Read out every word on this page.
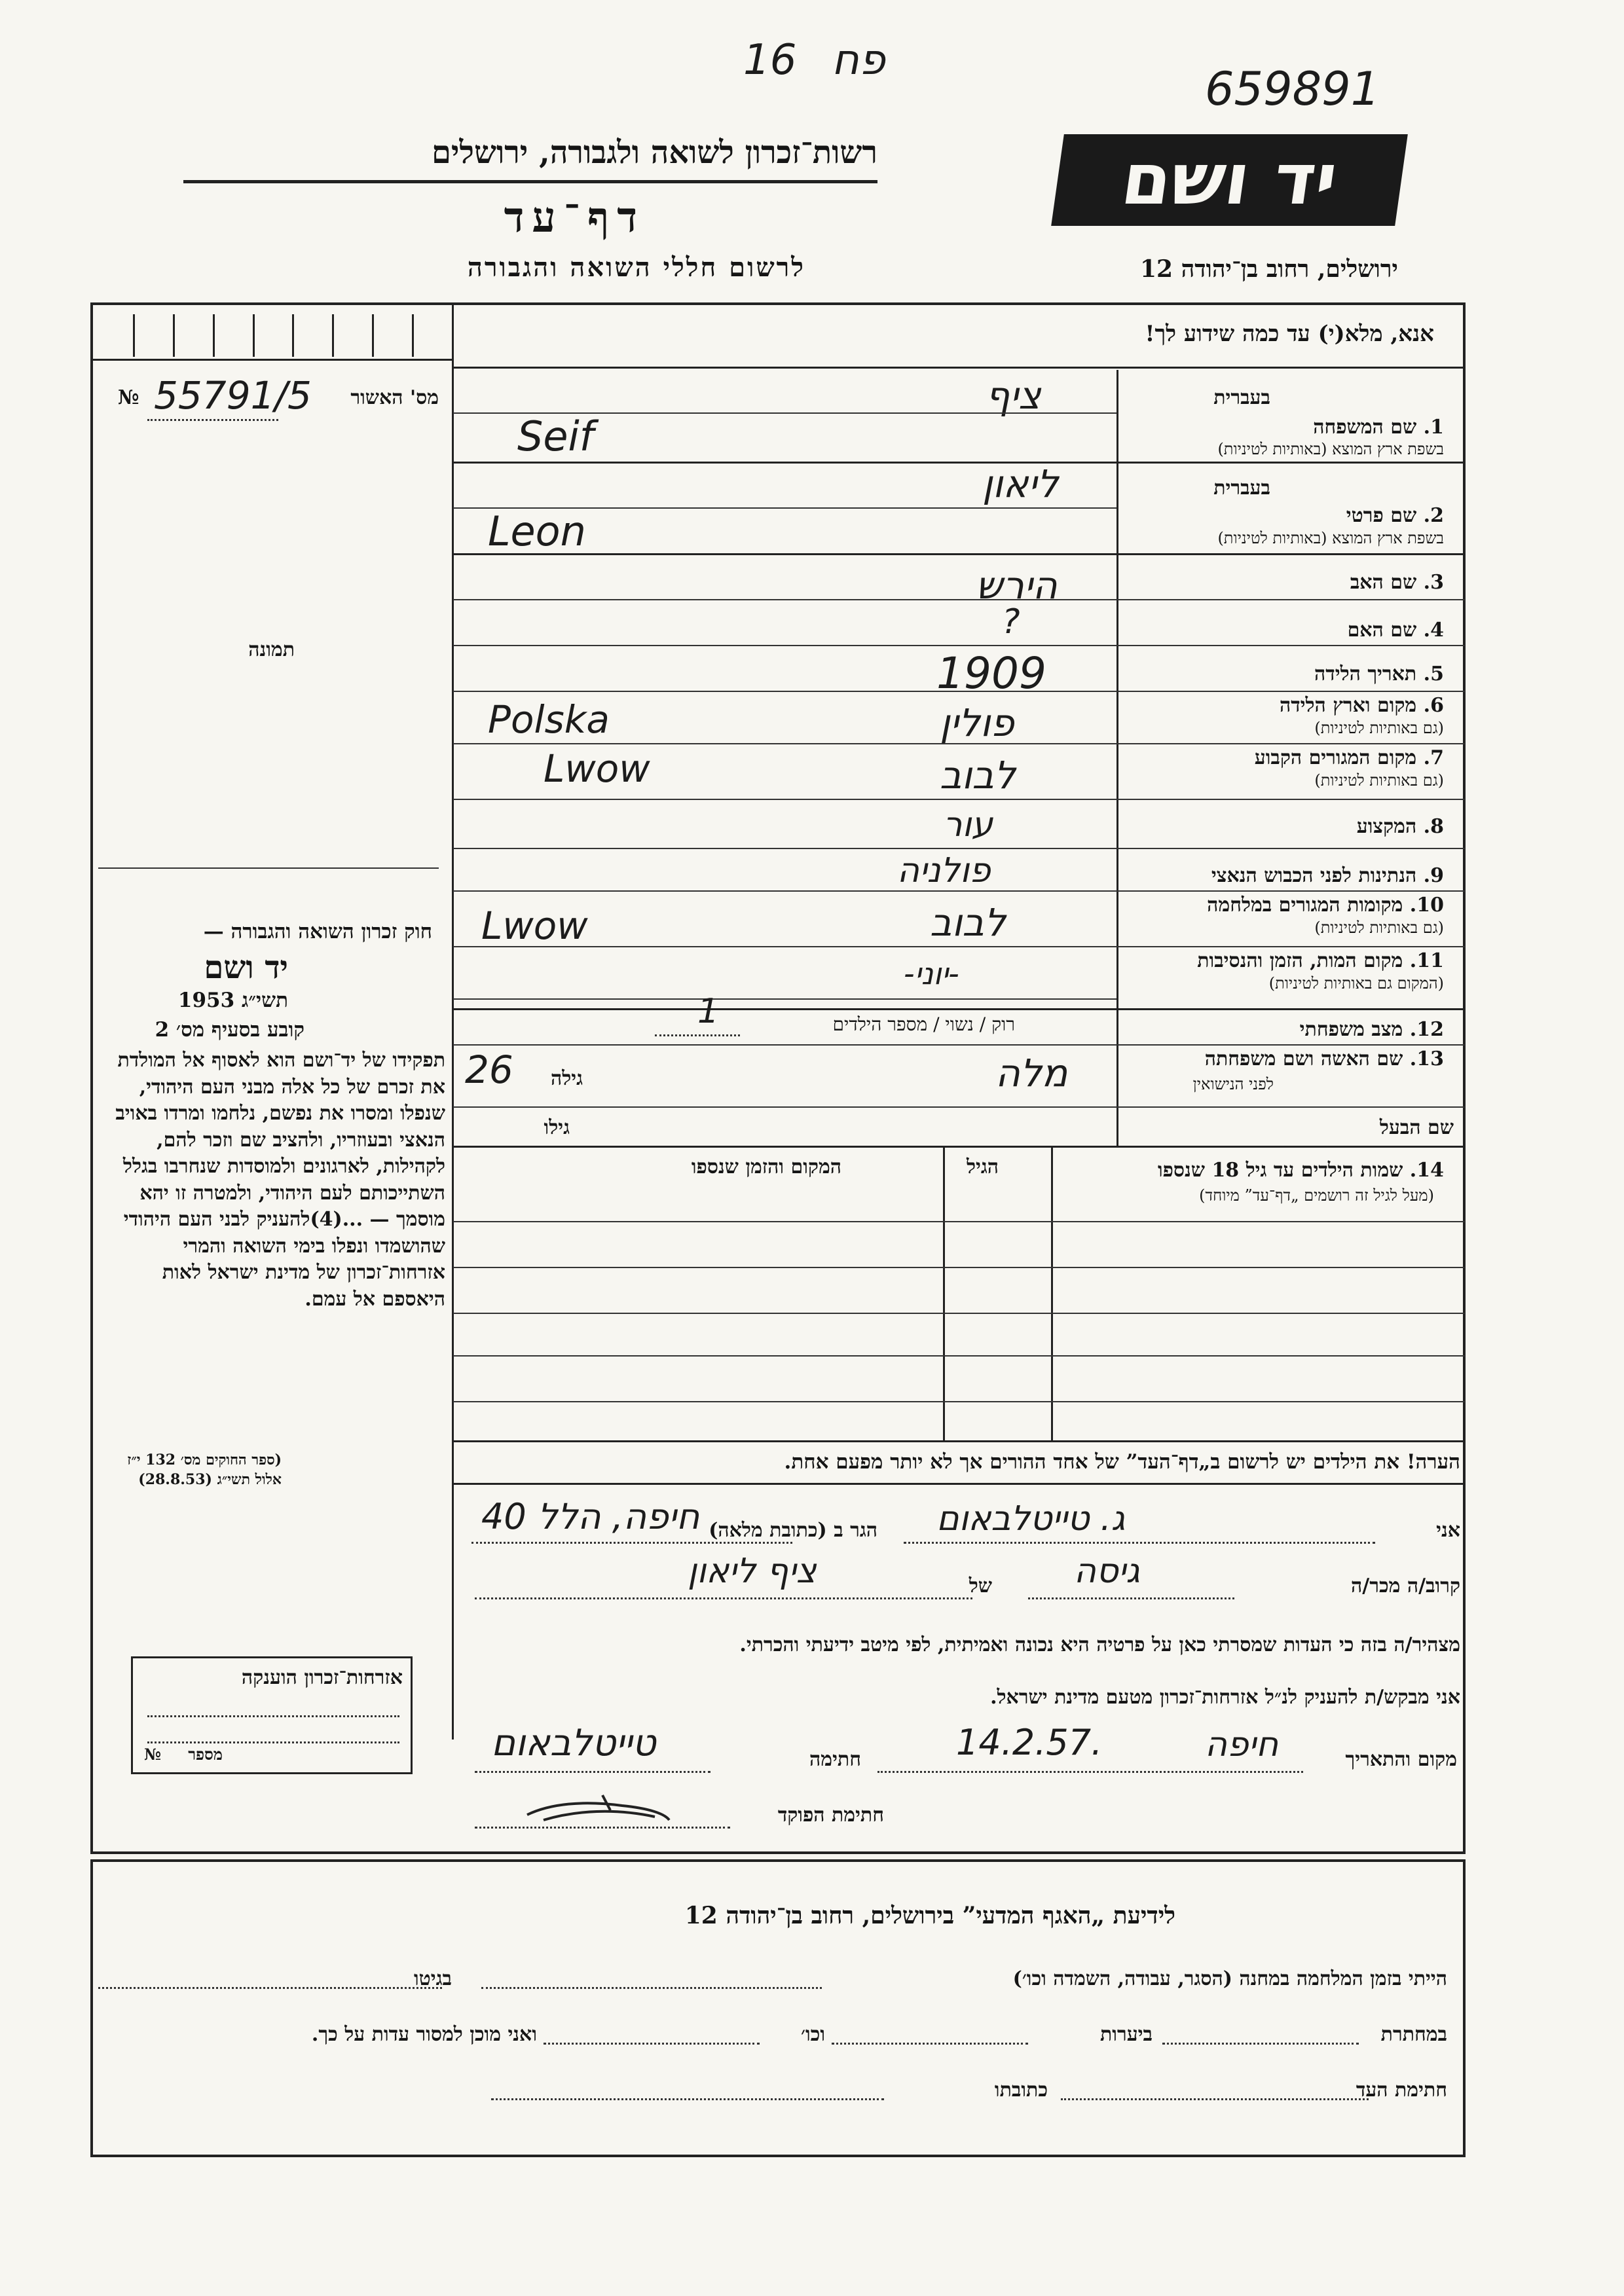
16 פח
659891
רשות־זכרון לשואה ולגבורה, ירושלים
דף־עד
לרשום חללי השואה והגבורה
יד ושם
ירושלים, רחוב בן־יהודה 12
אנא, מלא(י) עד כמה שידוע לך!
מס' האשור
№ 55791/5
תמונה
1. שם המשפחה
בעברית
בשפת ארץ המוצא (באותיות לטיניות)
ציף
Seif
2. שם פרטי
בעברית
בשפת ארץ המוצא (באותיות לטיניות)
ליאון
Leon
3. שם האב
הירש
4. שם האם
?
5. תאריך הלידה
1909
6. מקום וארץ הלידה
(גם באותיות לטיניות)
פולין
Polska
7. מקום המגורים הקבוע
(גם באותיות לטיניות)
לבוב
Lwow
8. המקצוע
עור
9. הנתינות לפני הכבוש הנאצי
פולניה
10. מקומות המגורים במלחמה
(גם באותיות לטיניות)
לבוב
Lwow
11. מקום המות, הזמן והנסיבות
(המקום גם באותיות לטיניות)
-יוני-
12. מצב משפחתי
רוק / נשוי / מספר הילדים
1
13. שם האשה ושם משפחתה
לפני הנישואין
מלה
גילה
26
שם הבעל
גילו
14. שמות הילדים עד גיל 18 שנספו
(מעל לגיל זה רושמים „דף־עד” מיוחד)
הגיל
המקום והזמן שנספו
הערה! את הילדים יש לרשום ב„דף־העד” של אחד ההורים אך לא יותר מפעם אחת.
חוק זכרון השואה והגבורה —
יד ושם
תשי״ג 1953
קובע בסעיף מס׳ 2
תפקידו של יד־ושם הוא לאסוף אל המולדת את זכרם של כל אלה מבני העם היהודי, שנפלו ומסרו את נפשם, נלחמו ומרדו באויב הנאצי ובעוזריו, ולהציב שם וזכר להם, לקהילות, לארגונים ולמוסדות שנחרבו בגלל השתייכותם לעם היהודי, ולמטרה זו יהא מוסמך — ...(4)להעניק לבני העם היהודי שהושמדו ונפלו בימי השואה והמרי אזרחות־זכרון של מדינת ישראל לאות היאספם אל עמם.
(ספר החוקים מס׳ 132 י״ז אלול תשי״ג (28.8.53)
אני
ג. טייטלבאום
הגר ב (כתובת מלאה)
חיפה, הלל 40
קרוב/ה מכר/ה
גיסה
של
ציף ליאון
מצהיר/ה בזה כי העדות שמסרתי כאן על פרטיה היא נכונה ואמיתית, לפי מיטב ידיעתי והכרתי.
אני מבקש/ת להעניק לנ״ל אזרחות־זכרון מטעם מדינת ישראל.
מקום והתאריך
חיפה
14.2.57.
חתימה
טייטלבאום
חתימת הפוקד
אזרחות־זכרון הוענקה
מספר
№
לידיעת „האגף המדעי” בירושלים, רחוב בן־יהודה 12
הייתי בזמן המלחמה במחנה (הסגר, עבודה, השמדה וכו׳)
בגיטו
במחתרת
ביערות
וכו׳
ואני מוכן למסור עדות על כך.
חתימת העד
כתובתו
